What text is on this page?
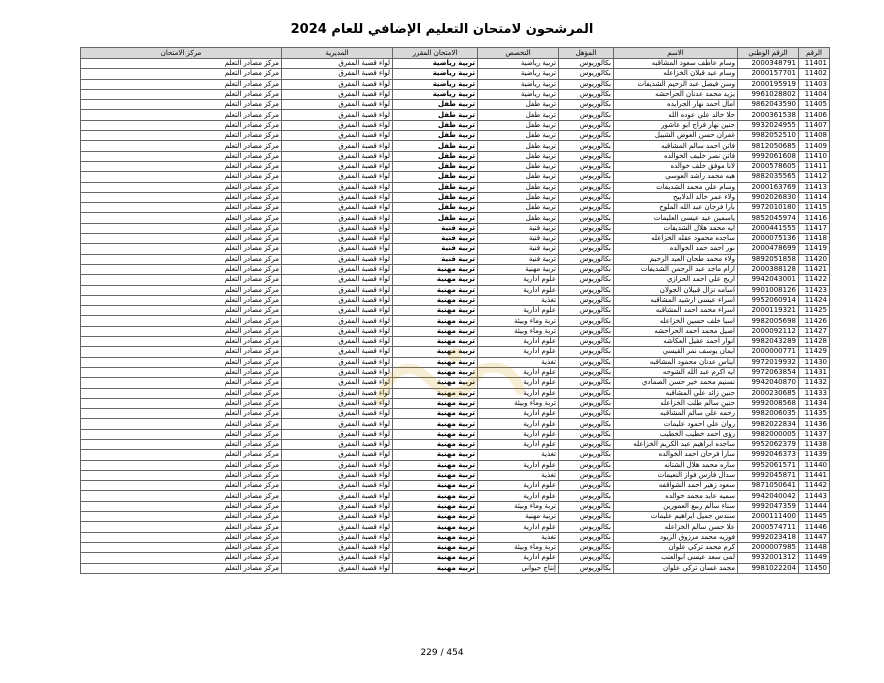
المرشحون لامتحان التعليم الإضافي للعام 2024
الرقم	الرقم الوطني	الاسم	المؤهل	التخصص	الامتحان المقرر	المديرية	مركز الامتحان
11401	2000348791	وسام عاطف سعود المشاقبه	بكالوريوس	تربية رياضية	تربية رياضية	لواء قصبة المفرق	مركز مصادر التعلم
11402	2000157701	وسام عيد قبلان الخزاعله	بكالوريوس	تربية رياضية	تربية رياضية	لواء قصبة المفرق	مركز مصادر التعلم
11403	2000195919	وسن فيصل عبد الرحيم الشديفات	بكالوريوس	تربية رياضية	تربية رياضية	لواء قصبة المفرق	مركز مصادر التعلم
11404	9961028802	يزيد محمد عدنان الحراحشه	بكالوريوس	تربية رياضية	تربية رياضية	لواء قصبة المفرق	مركز مصادر التعلم
11405	9862043590	امال احمد نهار الجرايده	بكالوريوس	تربية طفل	تربية طفل	لواء قصبة المفرق	مركز مصادر التعلم
11406	2000361538	حلا خالد علي عوده الله	بكالوريوس	تربية طفل	تربية طفل	لواء قصبة المفرق	مركز مصادر التعلم
11407	9932024955	حنين نهار فراج ابو عاشور	بكالوريوس	تربية طفل	تربية طفل	لواء قصبة المفرق	مركز مصادر التعلم
11408	9982052510	غفران حسن العوض الشبيل	بكالوريوس	تربية طفل	تربية طفل	لواء قصبة المفرق	مركز مصادر التعلم
11409	9812050685	فاتن احمد سالم المشاقبه	بكالوريوس	تربية طفل	تربية طفل	لواء قصبة المفرق	مركز مصادر التعلم
11410	9992061608	فاتن نصر خليف الخوالده	بكالوريوس	تربية طفل	تربية طفل	لواء قصبة المفرق	مركز مصادر التعلم
11411	2000578605	لانا موفق خلف خوالده	بكالوريوس	تربية طفل	تربية طفل	لواء قصبة المفرق	مركز مصادر التعلم
11412	9882035565	هبه محمد راشد العوسي	بكالوريوس	تربية طفل	تربية طفل	لواء قصبة المفرق	مركز مصادر التعلم
11413	2000163769	وسام علي محمد الشديفات	بكالوريوس	تربية طفل	تربية طفل	لواء قصبة المفرق	مركز مصادر التعلم
11414	9902026830	ولاء عمر خالد الدلابيح	بكالوريوس	تربية طفل	تربية طفل	لواء قصبة المفرق	مركز مصادر التعلم
11415	9972010180	بارا فرحان عبد الله الملوح	بكالوريوس	تربية طفل	تربية طفل	لواء قصبة المفرق	مركز مصادر التعلم
11416	9852045974	ياسمين عيد عيسى العليمات	بكالوريوس	تربية طفل	تربية طفل	لواء قصبة المفرق	مركز مصادر التعلم
11417	2000441555	ايه محمد هلال الشديفات	بكالوريوس	تربية فنية	تربية فنية	لواء قصبة المفرق	مركز مصادر التعلم
11418	2000075136	ساجده محمود عقله الخزاعله	بكالوريوس	تربية فنية	تربية فنية	لواء قصبة المفرق	مركز مصادر التعلم
11419	2000478699	نور احمد حمد الخوالده	بكالوريوس	تربية فنية	تربية فنية	لواء قصبة المفرق	مركز مصادر التعلم
11420	9892051858	ولاء محمد طحان العبد الرحيم	بكالوريوس	تربية فنية	تربية فنية	لواء قصبة المفرق	مركز مصادر التعلم
11421	2000388128	ارام ماجد عبد الرحمن الشديفات	بكالوريوس	تربية مهنية	تربية مهنية	لواء قصبة المفرق	مركز مصادر التعلم
11422	9942043001	اريج علي احمد الحزازي	بكالوريوس	علوم ادارية	تربية مهنية	لواء قصبة المفرق	مركز مصادر التعلم
11423	9901008126	اسامه نزال قبيلان الجولان	بكالوريوس	علوم ادارية	تربية مهنية	لواء قصبة المفرق	مركز مصادر التعلم
11424	9952060914	اسراء عيسى ارشيد المشاقبه	بكالوريوس	تغذية	تربية مهنية	لواء قصبة المفرق	مركز مصادر التعلم
11425	2000119321	اسراء محمد احمد المشاقبه	بكالوريوس	علوم ادارية	تربية مهنية	لواء قصبة المفرق	مركز مصادر التعلم
11426	9982005698	اسيا خلف حسين الخزاعله	بكالوريوس	تربة وماء وبيئة	تربية مهنية	لواء قصبة المفرق	مركز مصادر التعلم
11427	2000092112	اصيل محمد احمد الحراحشه	بكالوريوس	تربة وماء وبيئة	تربية مهنية	لواء قصبة المفرق	مركز مصادر التعلم
11428	9982043289	انوار احمد عقيل العكاشه	بكالوريوس	علوم ادارية	تربية مهنية	لواء قصبة المفرق	مركز مصادر التعلم
11429	2000000771	ايمان يوسف نمر القيسي	بكالوريوس	علوم ادارية	تربية مهنية	لواء قصبة المفرق	مركز مصادر التعلم
11430	9972019932	ايناس عدنان محمود المشاقبه	بكالوريوس	تغذية	تربية مهنية	لواء قصبة المفرق	مركز مصادر التعلم
11431	9972063854	ايه اكرم عبد الله الشوحه	بكالوريوس	علوم ادارية	تربية مهنية	لواء قصبة المفرق	مركز مصادر التعلم
11432	9942040870	تسنيم محمد خير حسن الصمادي	بكالوريوس	علوم ادارية	تربية مهنية	لواء قصبة المفرق	مركز مصادر التعلم
11433	2000230685	حنين زائد علي المشاقبه	بكالوريوس	علوم ادارية	تربية مهنية	لواء قصبة المفرق	مركز مصادر التعلم
11434	9992008568	حنين سالم طلب الخزاعله	بكالوريوس	تربة وماء وبيئة	تربية مهنية	لواء قصبة المفرق	مركز مصادر التعلم
11435	9982006035	رحمه علي سالم المشاقبه	بكالوريوس	علوم ادارية	تربية مهنية	لواء قصبة المفرق	مركز مصادر التعلم
11436	9982022834	روان علي احمود عليمات	بكالوريوس	علوم ادارية	تربية مهنية	لواء قصبة المفرق	مركز مصادر التعلم
11437	9982000005	رؤى احمد خطيب الخطيب	بكالوريوس	علوم ادارية	تربية مهنية	لواء قصبة المفرق	مركز مصادر التعلم
11438	9952062379	ساجده ابراهيم عبد الكريم الخزاعله	بكالوريوس	علوم ادارية	تربية مهنية	لواء قصبة المفرق	مركز مصادر التعلم
11439	9992046373	سارا فرحان احمد الخوالده	بكالوريوس	تغذية	تربية مهنية	لواء قصبة المفرق	مركز مصادر التعلم
11440	9952061571	ساره محمد هلال الشتانه	بكالوريوس	علوم ادارية	تربية مهنية	لواء قصبة المفرق	مركز مصادر التعلم
11441	9992045871	سدال فارس فواز النعيمات	بكالوريوس	تغذية	تربية مهنية	لواء قصبة المفرق	مركز مصادر التعلم
11442	9871050641	سعود زهير احمد الشواقفه	بكالوريوس	علوم ادارية	تربية مهنية	لواء قصبة المفرق	مركز مصادر التعلم
11443	9942040042	سميه عايد محمد خوالده	بكالوريوس	علوم ادارية	تربية مهنية	لواء قصبة المفرق	مركز مصادر التعلم
11444	9992047359	سناء سالم ربيع العمورين	بكالوريوس	تربة وماء وبيئة	تربية مهنية	لواء قصبة المفرق	مركز مصادر التعلم
11445	2000111400	سندس جميل ابراهيم عليمات	بكالوريوس	تربية مهنية	تربية مهنية	لواء قصبة المفرق	مركز مصادر التعلم
11446	2000574711	علا حسن سالم الخزاعله	بكالوريوس	علوم ادارية	تربية مهنية	لواء قصبة المفرق	مركز مصادر التعلم
11447	9992023418	فوزيه محمد مرزوق الزيود	بكالوريوس	تغذية	تربية مهنية	لواء قصبة المفرق	مركز مصادر التعلم
11448	2000007985	كرم محمد تركي علوان	بكالوريوس	تربة وماء وبيئة	تربية مهنية	لواء قصبة المفرق	مركز مصادر التعلم
11449	9932001312	لمى سعد عيسى ابوالعنب	بكالوريوس	علوم ادارية	تربية مهنية	لواء قصبة المفرق	مركز مصادر التعلم
11450	9981022204	محمد غسان تركي علوان	بكالوريوس	إنتاج حيواني	تربية مهنية	لواء قصبة المفرق	مركز مصادر التعلم
229 / 454
